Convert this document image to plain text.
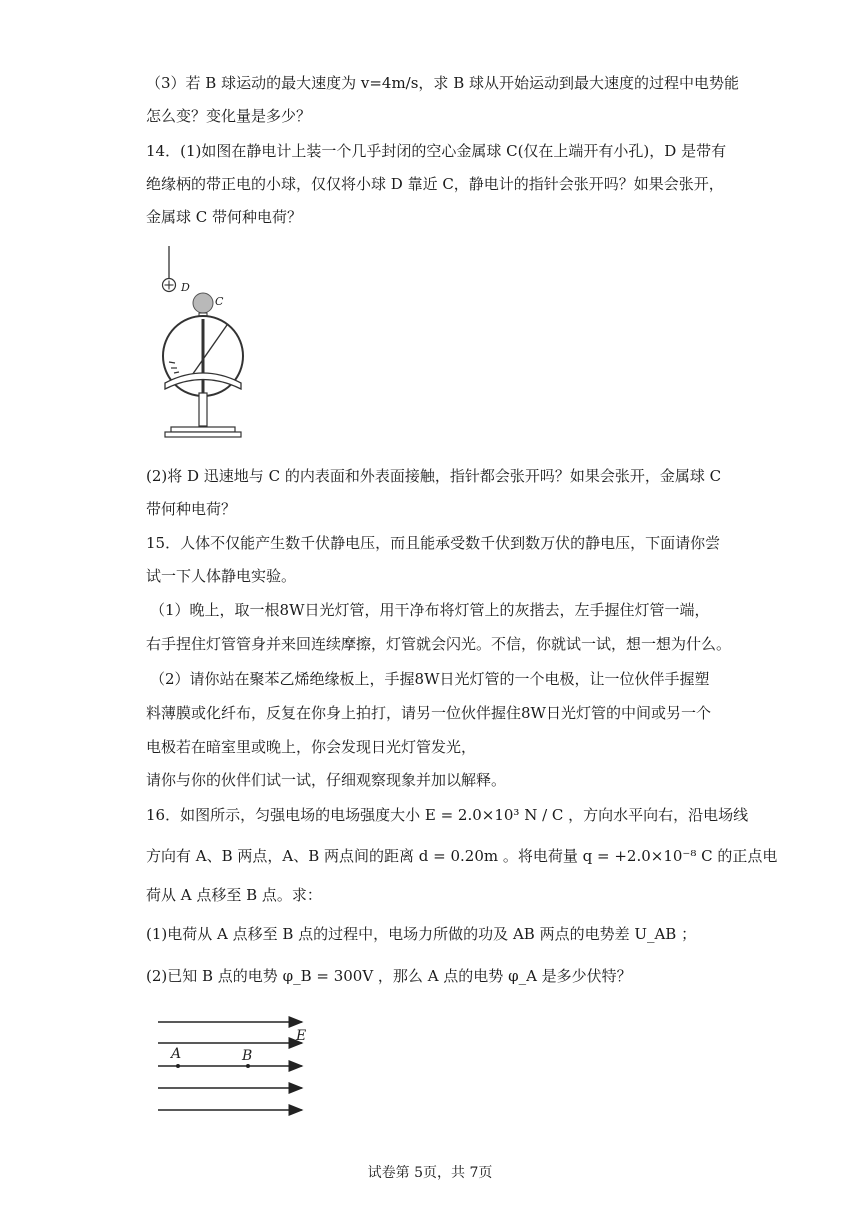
（3）若 B 球运动的最大速度为 v=4m/s，求 B 球从开始运动到最大速度的过程中电势能
怎么变？变化量是多少？
14．(1)如图在静电计上装一个几乎封闭的空心金属球 C(仅在上端开有小孔)，D 是带有
绝缘柄的带正电的小球，仅仅将小球 D 靠近 C，静电计的指针会张开吗？如果会张开，
金属球 C 带何种电荷？
D
C
(2)将 D 迅速地与 C 的内表面和外表面接触，指针都会张开吗？如果会张开，金属球 C
带何种电荷？
15．人体不仅能产生数千伏静电压，而且能承受数千伏到数万伏的静电压，下面请你尝
试一下人体静电实验。
（1）晚上，取一根8W日光灯管，用干净布将灯管上的灰揩去，左手握住灯管一端，
右手捏住灯管管身并来回连续摩擦，灯管就会闪光。不信，你就试一试，想一想为什么。
（2）请你站在聚苯乙烯绝缘板上，手握8W日光灯管的一个电极，让一位伙伴手握塑
料薄膜或化纤布，反复在你身上拍打，请另一位伙伴握住8W日光灯管的中间或另一个
电极若在暗室里或晚上，你会发现日光灯管发光，
请你与你的伙伴们试一试，仔细观察现象并加以解释。
16．如图所示，匀强电场的电场强度大小 E = 2.0×10³ N / C ，方向水平向右，沿电场线
方向有 A、B 两点，A、B 两点间的距离 d = 0.20m 。将电荷量 q = +2.0×10⁻⁸ C 的正点电
荷从 A 点移至 B 点。求：
(1)电荷从 A 点移至 B 点的过程中，电场力所做的功及 AB 两点的电势差 U_AB ；
(2)已知 B 点的电势 φ_B = 300V ，那么 A 点的电势 φ_A 是多少伏特？
E
A	B
试卷第 5页，共 7页
